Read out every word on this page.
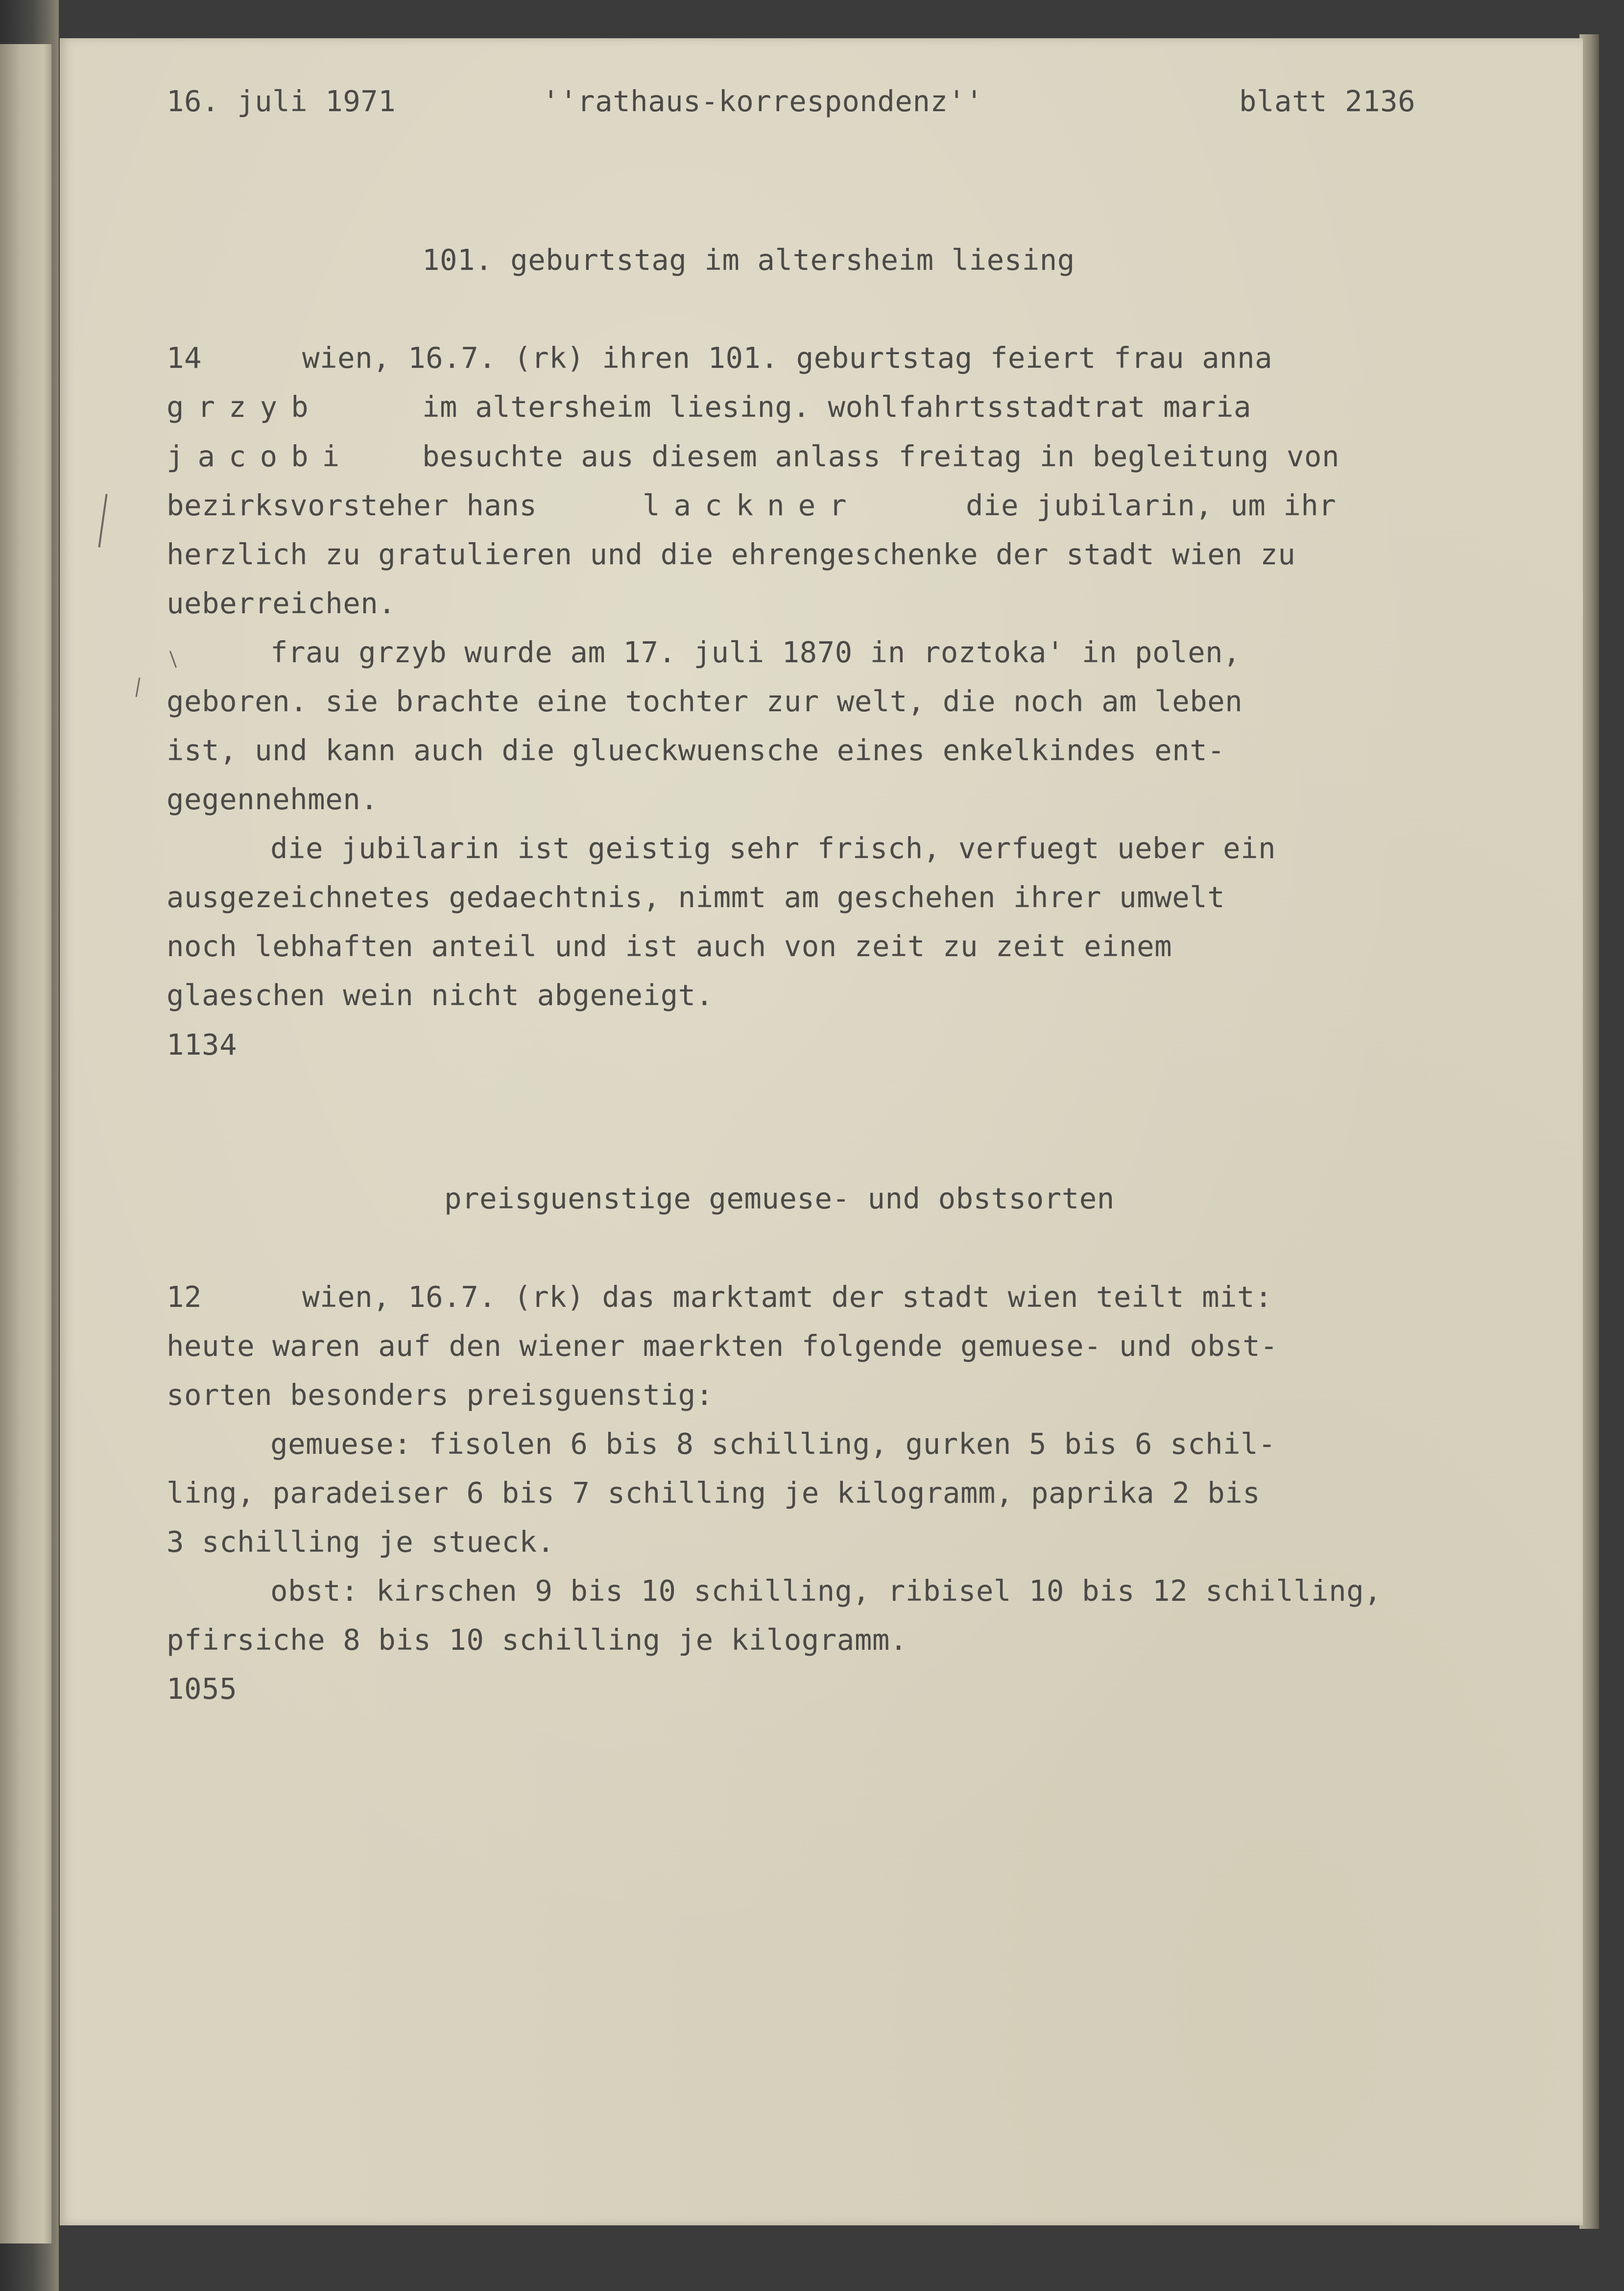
16. juli 1971	''rathaus-korrespondenz''	blatt 2136

101. geburtstag im altersheim liesing

14	wien, 16.7. (rk) ihren 101. geburtstag feiert frau anna

grzyb	im altersheim liesing. wohlfahrtsstadtrat maria

jacobi besuchte aus diesem anlass freitag in begleitung von

bezirksvorsteher hans	lackner	die jubilarin, um ihr

herzlich zu gratulieren und die ehrengeschenke der stadt wien zu

ueberreichen.

frau grzyb wurde am 17. juli 1870 in roztoka' in polen,

geboren. sie brachte eine tochter zur welt, die noch am leben

ist, und kann auch die glueckwuensche eines enkelkindes ent-

gegennehmen.

die jubilarin ist geistig sehr frisch, verfuegt ueber ein

ausgezeichnetes gedaechtnis, nimmt am geschehen ihrer umwelt

noch lebhaften anteil und ist auch von zeit zu zeit einem

glaeschen wein nicht abgeneigt.

1134

preisguenstige gemuese- und obstsorten

12	wien, 16.7. (rk) das marktamt der stadt wien teilt mit:

heute waren auf den wiener maerkten folgende gemuese- und obst-

sorten besonders preisguenstig:

gemuese: fisolen 6 bis 8 schilling, gurken 5 bis 6 schil-

ling, paradeiser 6 bis 7 schilling je kilogramm, paprika 2 bis

3 schilling je stueck.

obst: kirschen 9 bis 10 schilling, ribisel 10 bis 12 schilling,

pfirsiche 8 bis 10 schilling je kilogramm.

1055
